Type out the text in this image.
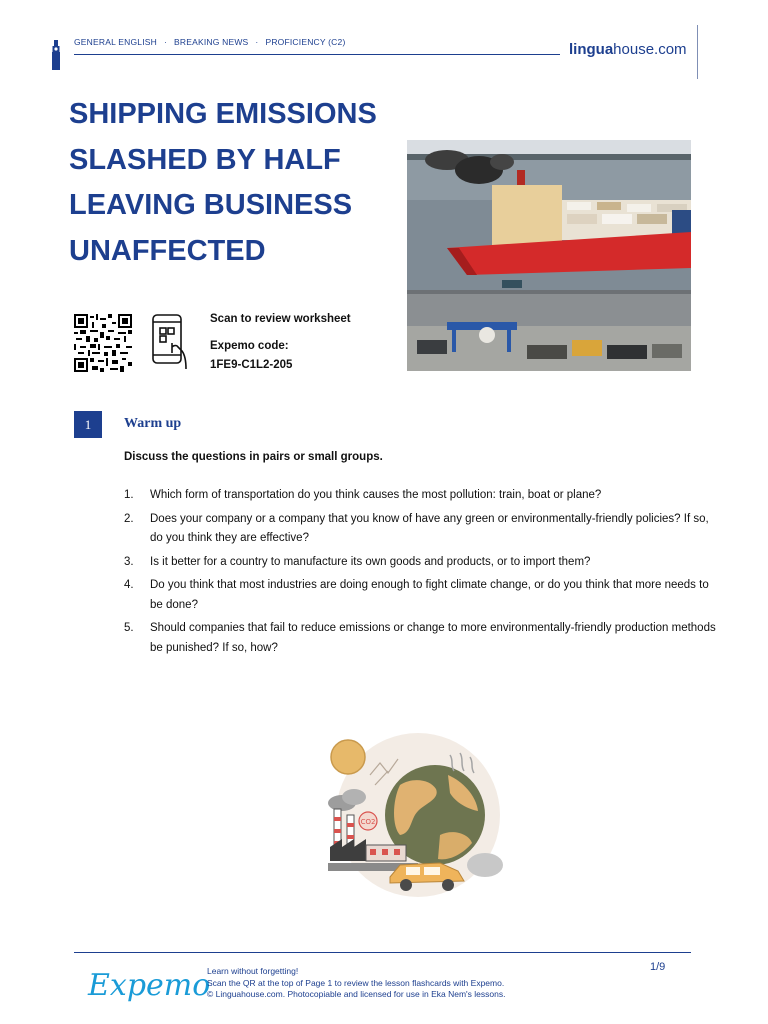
GENERAL ENGLISH · BREAKING NEWS · PROFICIENCY (C2)	linguahouse.com
SHIPPING EMISSIONS
SLASHED BY HALF
LEAVING BUSINESS
UNAFFECTED
Scan to review worksheet
Expemo code:
1FE9-C1L2-205
1	Warm up
Discuss the questions in pairs or small groups.
1. Which form of transportation do you think causes the most pollution: train, boat or plane?
2. Does your company or a company that you know of have any green or environmentally-friendly policies? If so, do you think they are effective?
3. Is it better for a country to manufacture its own goods and products, or to import them?
4. Do you think that most industries are doing enough to fight climate change, or do you think that more needs to be done?
5. Should companies that fail to reduce emissions or change to more environmentally-friendly production methods be punished? If so, how?
CO2
Expemo
Learn without forgetting!
Scan the QR at the top of Page 1 to review the lesson flashcards with Expemo.
© Linguahouse.com. Photocopiable and licensed for use in Eka Nem's lessons.
1/9
